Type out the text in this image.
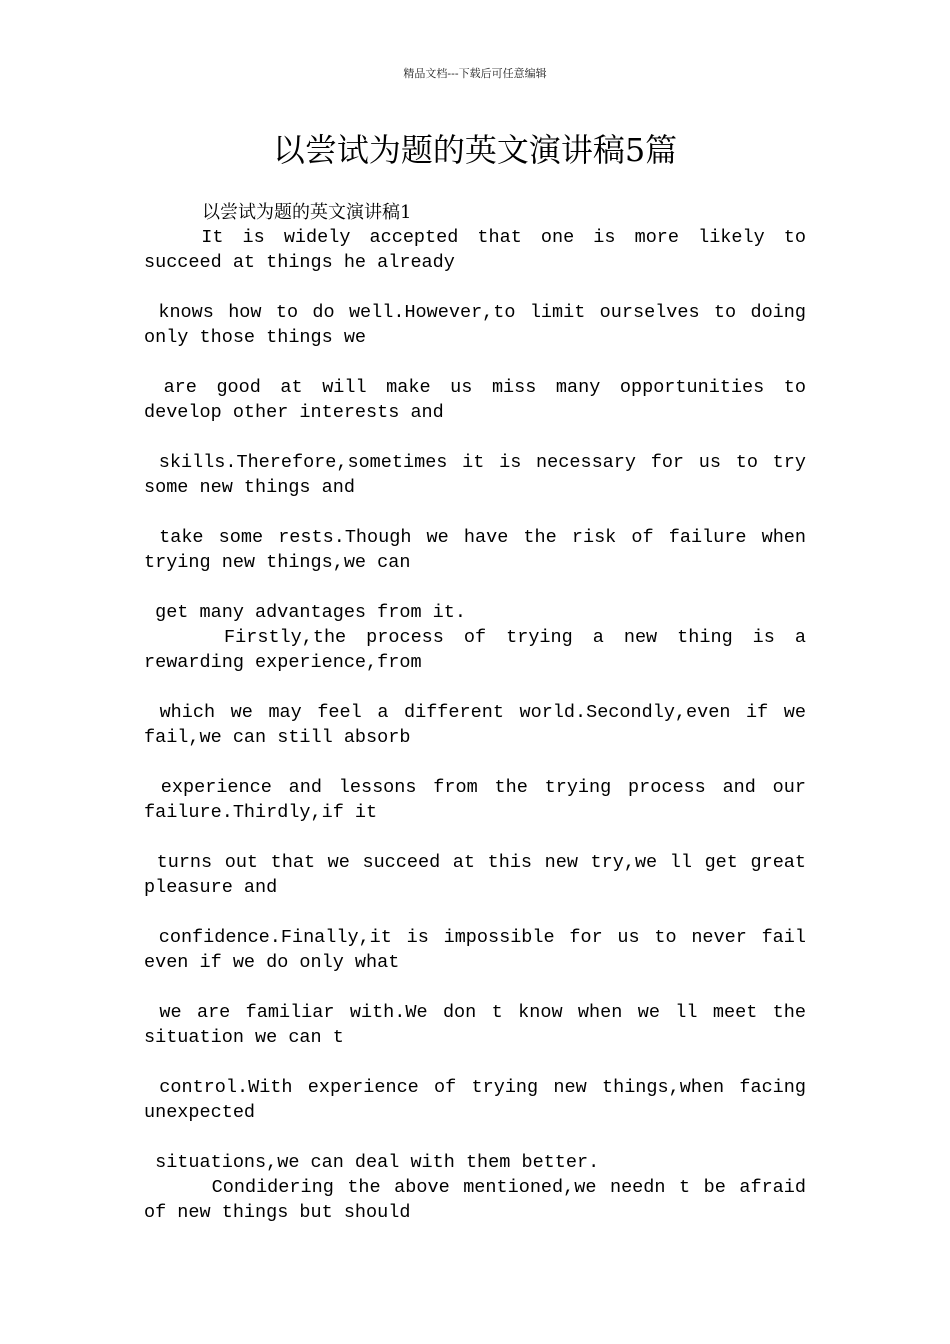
精品文档---下载后可任意编辑
以尝试为题的英文演讲稿5篇

以尝试为题的英文演讲稿1

It is widely accepted that one is more likely to
succeed at things he already
knows how to do well.However,to limit ourselves to doing
only those things we
are good at will make us miss many opportunities to
develop other interests and
skills.Therefore,sometimes it is necessary for us to try
some new things and
take some rests.Though we have the risk of failure when
trying new things,we can
get many advantages from it.
Firstly,the process of trying a new thing is a
rewarding experience,from
which we may feel a different world.Secondly,even if we
fail,we can still absorb
experience and lessons from the trying process and our
failure.Thirdly,if it
turns out that we succeed at this new try,we ll get great
pleasure and
confidence.Finally,it is impossible for us to never fail
even if we do only what
we are familiar with.We don t know when we ll meet the
situation we can t
control.With experience of trying new things,when facing
unexpected
situations,we can deal with them better.
Condidering the above mentioned,we needn t be afraid
of new things but should
